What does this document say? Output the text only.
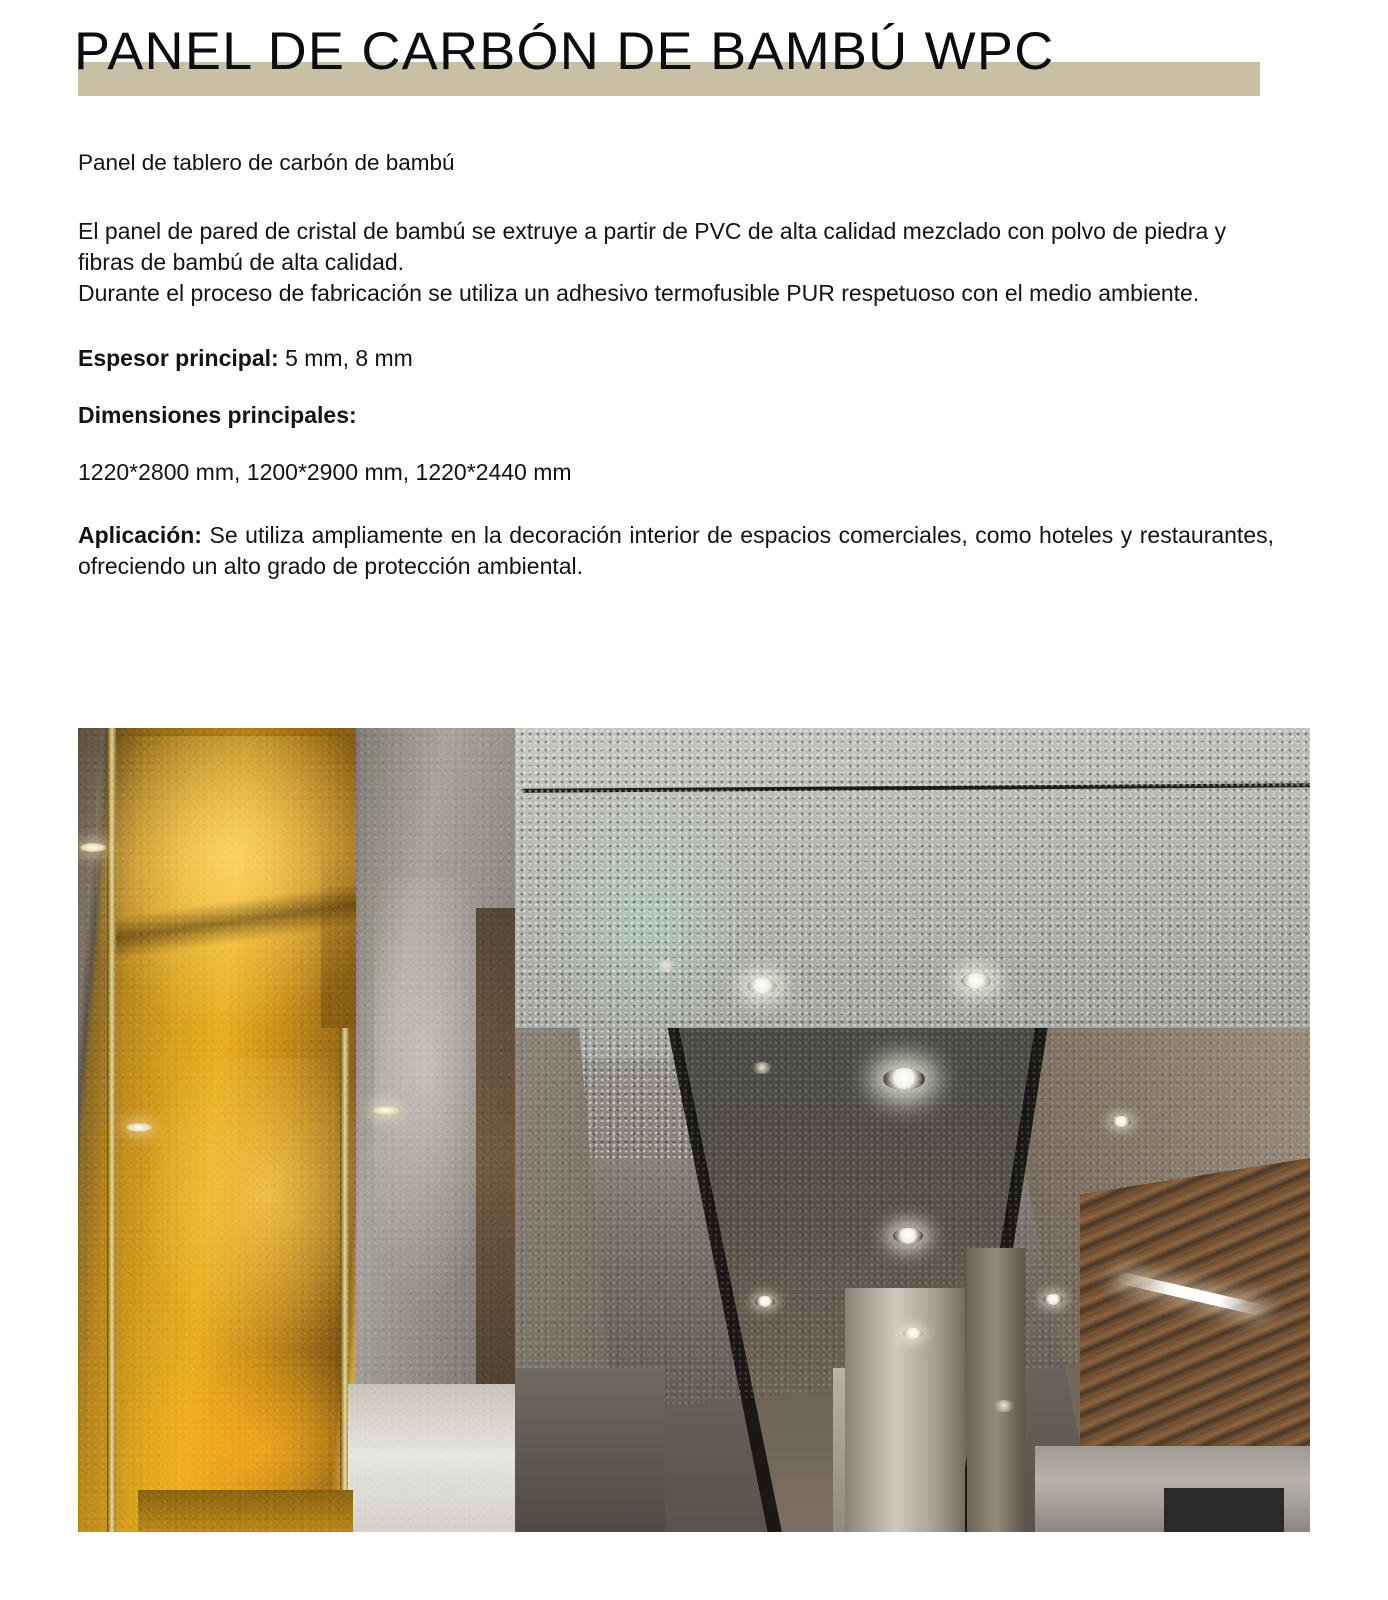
PANEL DE CARBÓN DE BAMBÚ WPC

Panel de tablero de carbón de bambú

El panel de pared de cristal de bambú se extruye a partir de PVC de alta calidad mezclado con polvo de piedra y fibras de bambú de alta calidad.

Durante el proceso de fabricación se utiliza un adhesivo termofusible PUR respetuoso con el medio ambiente.

Espesor principal: 5 mm, 8 mm

Dimensiones principales:

1220*2800 mm, 1200*2900 mm, 1220*2440 mm

Aplicación: Se utiliza ampliamente en la decoración interior de espacios comerciales, como hoteles y restaurantes, ofreciendo un alto grado de protección ambiental.
